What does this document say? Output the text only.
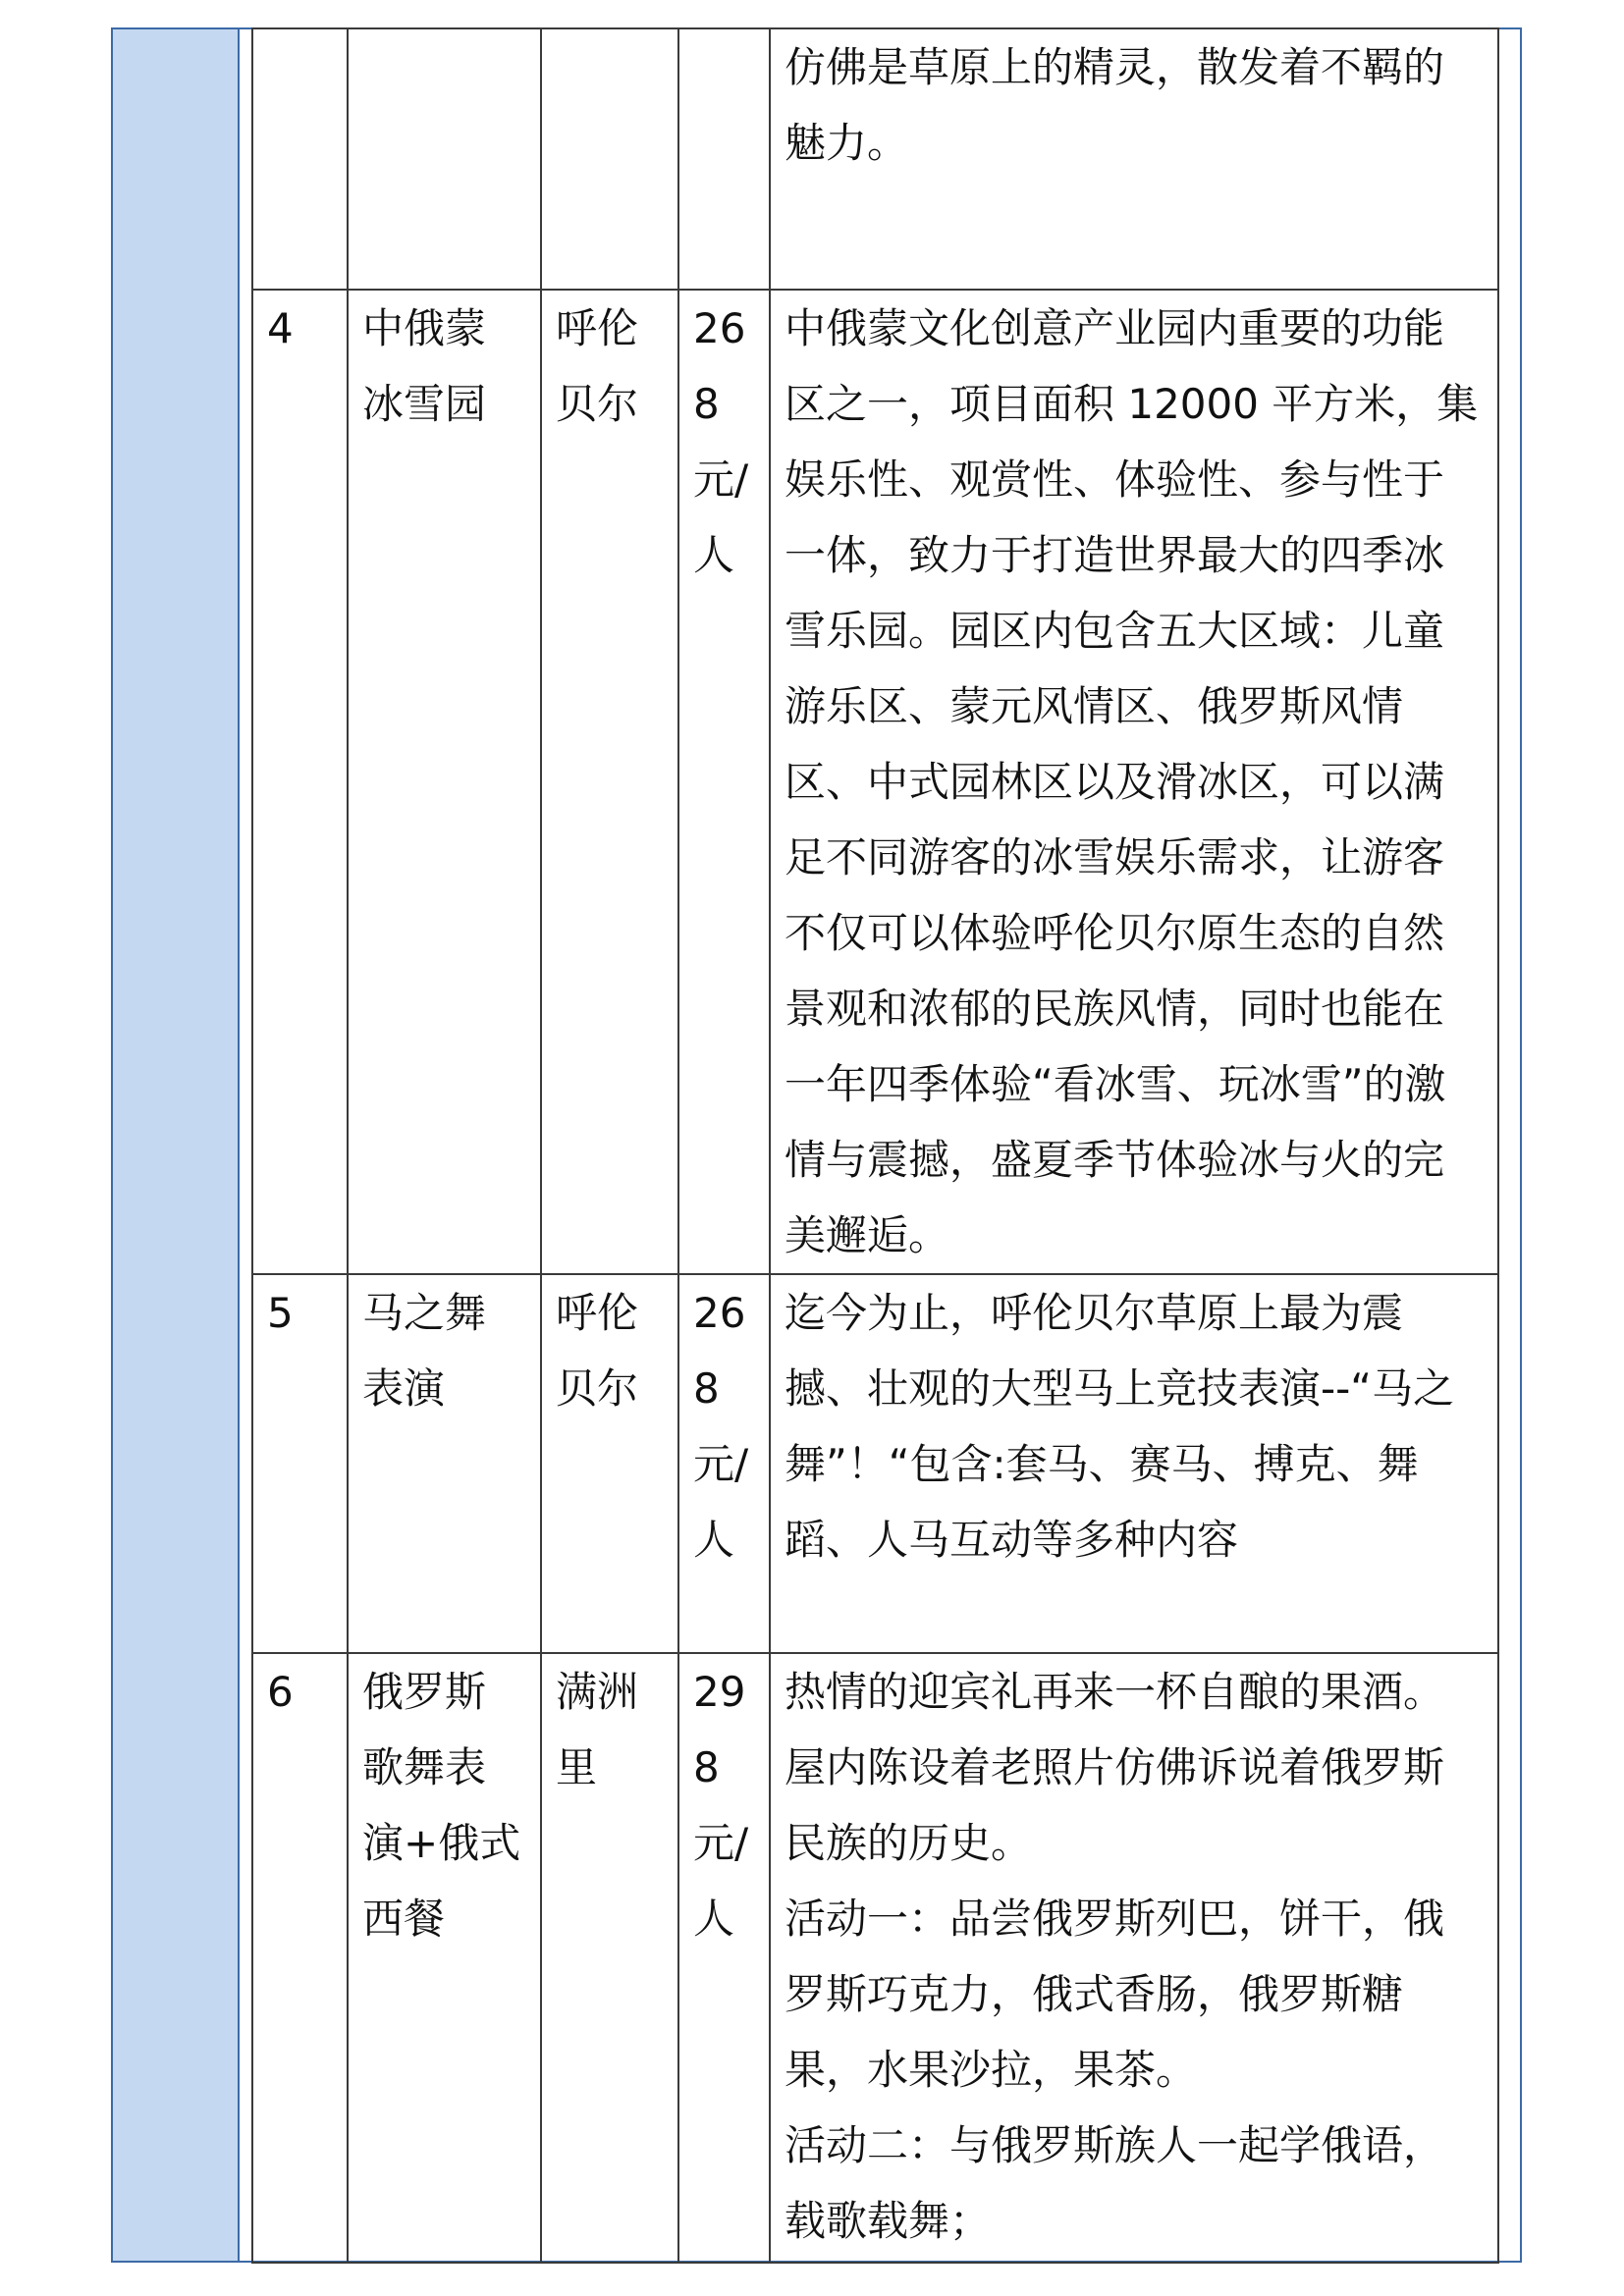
				仿佛是草原上的精灵，散发着不羁的魅力。

4	中俄蒙冰雪园	呼伦贝尔	268元/人	中俄蒙文化创意产业园内重要的功能区之一，项目面积 12000 平方米，集娱乐性、观赏性、体验性、参与性于一体，致力于打造世界最大的四季冰雪乐园。园区内包含五大区域：儿童游乐区、蒙元风情区、俄罗斯风情区、中式园林区以及滑冰区，可以满足不同游客的冰雪娱乐需求，让游客不仅可以体验呼伦贝尔原生态的自然景观和浓郁的民族风情，同时也能在一年四季体验“看冰雪、玩冰雪”的激情与震撼，盛夏季节体验冰与火的完美邂逅。

5	马之舞表演	呼伦贝尔	268元/人	迄今为止，呼伦贝尔草原上最为震撼、壮观的大型马上竞技表演--“马之舞”！“包含:套马、赛马、搏克、舞蹈、人马互动等多种内容

6	俄罗斯歌舞表演+俄式西餐	满洲里	298元/人	热情的迎宾礼再来一杯自酿的果酒。屋内陈设着老照片仿佛诉说着俄罗斯民族的历史。
活动一：品尝俄罗斯列巴，饼干，俄罗斯巧克力，俄式香肠，俄罗斯糖果，水果沙拉，果茶。
活动二：与俄罗斯族人一起学俄语，载歌载舞；
